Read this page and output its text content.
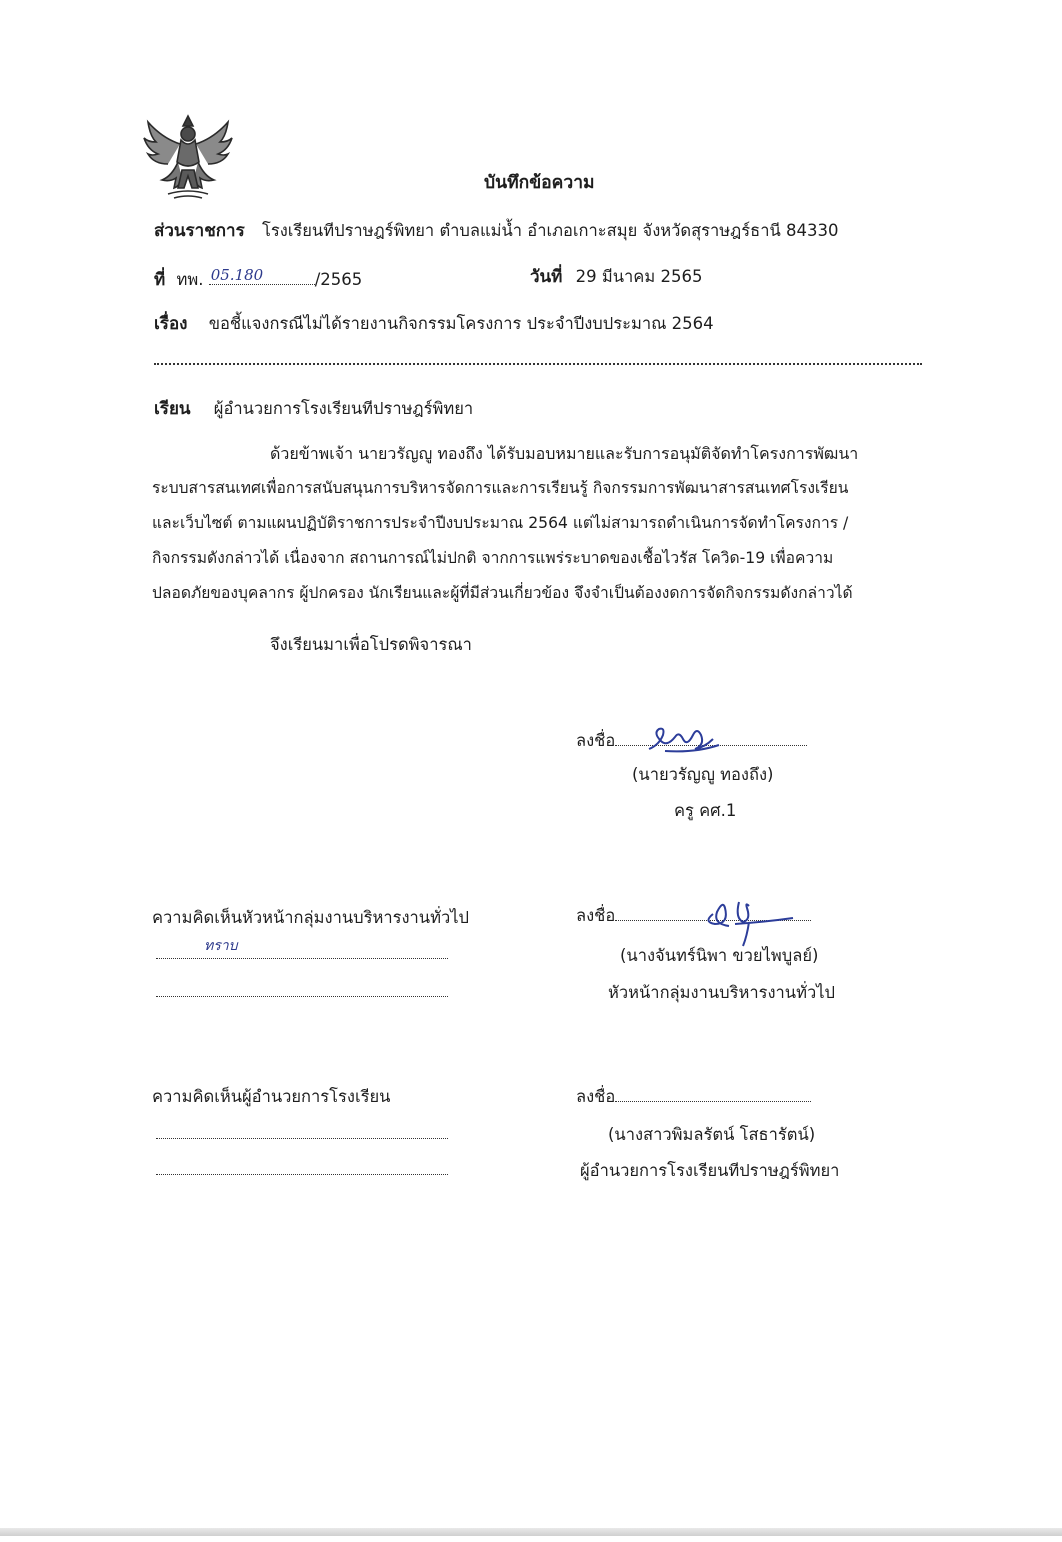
บันทึกข้อความ
ส่วนราชการ โรงเรียนทีปราษฎร์พิทยา ตำบลแม่น้ำ อำเภอเกาะสมุย จังหวัดสุราษฎร์ธานี 84330
ที่ ทพ. 05.180	/2565	วันที่ 29 มีนาคม 2565
เรื่อง ขอชี้แจงกรณีไม่ได้รายงานกิจกรรมโครงการ ประจำปีงบประมาณ 2564
เรียน ผู้อำนวยการโรงเรียนทีปราษฎร์พิทยา
ด้วยข้าพเจ้า นายวรัญญู ทองถึง ได้รับมอบหมายและรับการอนุมัติจัดทำโครงการพัฒนา
ระบบสารสนเทศเพื่อการสนับสนุนการบริหารจัดการและการเรียนรู้ กิจกรรมการพัฒนาสารสนเทศโรงเรียน
และเว็บไซต์ ตามแผนปฏิบัติราชการประจำปีงบประมาณ 2564 แต่ไม่สามารถดำเนินการจัดทำโครงการ /
กิจกรรมดังกล่าวได้ เนื่องจาก สถานการณ์ไม่ปกติ จากการแพร่ระบาดของเชื้อไวรัส โควิด-19 เพื่อความ
ปลอดภัยของบุคลากร ผู้ปกครอง นักเรียนและผู้ที่มีส่วนเกี่ยวข้อง จึงจำเป็นต้องงดการจัดกิจกรรมดังกล่าวได้
จึงเรียนมาเพื่อโปรดพิจารณา
ลงชื่อ
(นายวรัญญู ทองถึง)
ครู คศ.1
ความคิดเห็นหัวหน้ากลุ่มงานบริหารงานทั่วไป
ทราบ
ลงชื่อ
(นางจันทร์นิพา ขวยไพบูลย์)
หัวหน้ากลุ่มงานบริหารงานทั่วไป
ความคิดเห็นผู้อำนวยการโรงเรียน	ลงชื่อ
(นางสาวพิมลรัตน์ โสธารัตน์)
ผู้อำนวยการโรงเรียนทีปราษฎร์พิทยา
